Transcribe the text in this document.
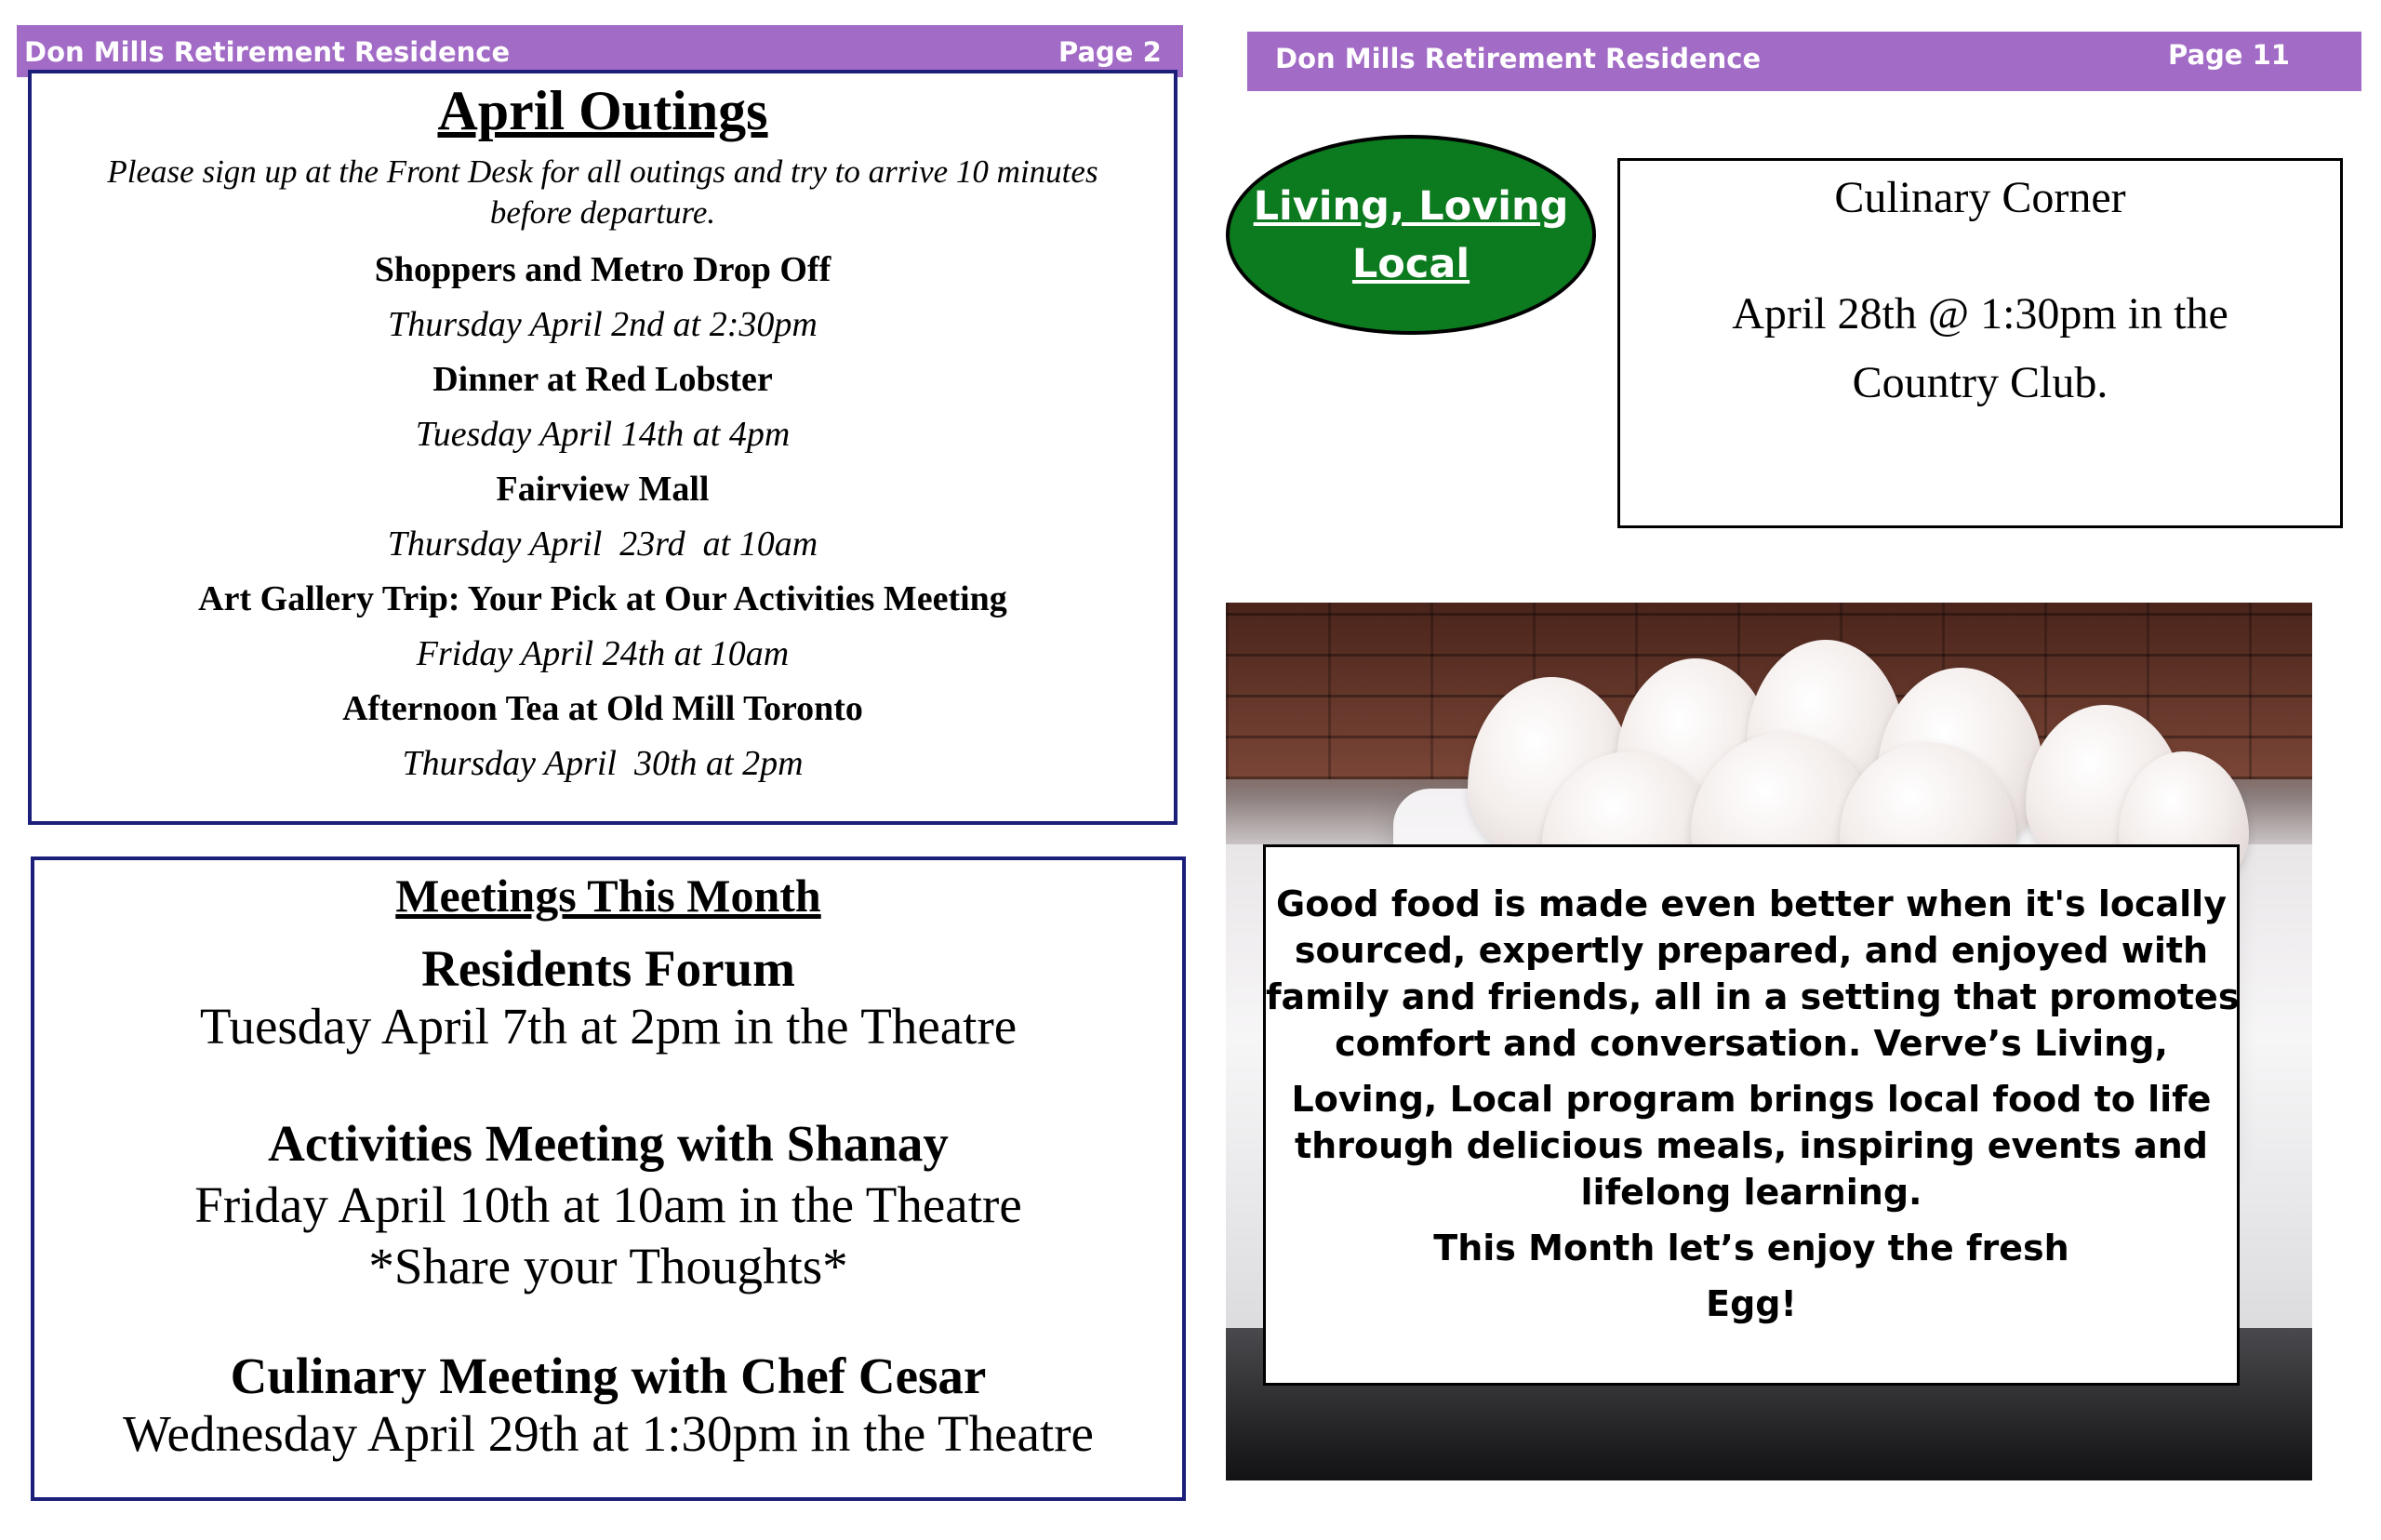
Don Mills Retirement Residence	Page 2
April Outings
Please sign up at the Front Desk for all outings and try to arrive 10 minutes
before departure.
Shoppers and Metro Drop Off
Thursday April 2nd at 2:30pm
Dinner at Red Lobster
Tuesday April 14th at 4pm
Fairview Mall
Thursday April  23rd  at 10am
Art Gallery Trip: Your Pick at Our Activities Meeting
Friday April 24th at 10am
Afternoon Tea at Old Mill Toronto
Thursday April  30th at 2pm
Meetings This Month
Residents Forum
Tuesday April 7th at 2pm in the Theatre
Activities Meeting with Shanay
Friday April 10th at 10am in the Theatre
*Share your Thoughts*
Culinary Meeting with Chef Cesar
Wednesday April 29th at 1:30pm in the Theatre
Don Mills Retirement Residence	Page 11
Living, Loving
Local
Culinary Corner
April 28th @ 1:30pm in the
Country Club.
Good food is made even better when it's locally
sourced, expertly prepared, and enjoyed with
family and friends, all in a setting that promotes
comfort and conversation. Verve’s Living,
Loving, Local program brings local food to life
through delicious meals, inspiring events and
lifelong learning.
This Month let’s enjoy the fresh
Egg!
